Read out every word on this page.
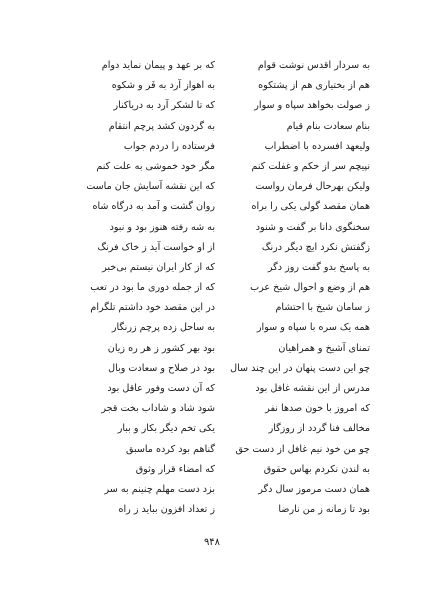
به سردار اقدس نوشت قوام
که بر عهد و پیمان نماید دوام
هم از بختیاری هم از پشتکوه
به اهواز آرد به فَر و شکوه
ز صولت بخواهد سپاه و سوار
که تا لشکر آرد به دریاکنار
بنام سعادت بنام قیام
به گردون کشد پرچم انتقام
ولیعهد افسرده با اضطراب
فرستاده را دردم جواب
نپیچم سر از حکم و غفلت کنم
مگر خود خموشی به علت کنم
ولیکن بهرحال فرمان رواست
که این نقشه آسایش جان ماست
همان مقصد گولی یکی را براه
روان گشت و آمد به درگاه شاه
سخنگوی دانا بر گفت و شنود
به شه رفته هنوز بود و نبود
زگفتش نکرد ایچ دیگر درنگ
از او خواست آید ز خاک فرنگ
به پاسخ بدو گفت روز دگر
که از کار ایران نیستم بی‌خبر
هم از وضع و احوال شیخ عرب
که از جمله دوری ما بود در تعب
ز سامان شیخ با احتشام
در این مقصد خود داشتم تلگرام
همه یک سره با سپاه و سوار
به ساحل زده پرچم زرنگار
تمنای آشیخ و همراهیان
بود بهر کشور ز هر ره زیان
چو این دست پنهان در این چند سال
بود در صلاح و سعادت وبال
مدرس از این نقشه غافل بود
که آن دست وفور عاقل بود
که امروز با خون صدها نفر
شود شاد و شاداب بخت قجر
مخالف فنا گردد از روزگار
یکی تخم دیگر بکار و ببار
چو من خود نیم غافل از دست حق
گناهم بود کرده ماسبق
به لندن نکردم بهاس حقوق
که امضاء قرار وثوق
همان دست مرموز سال دگر
بزد دست مهلم چنینم به سر
بود تا زمانه ز من نارضا
ز تعداد افزون بباید ز راه
۹۴۸
